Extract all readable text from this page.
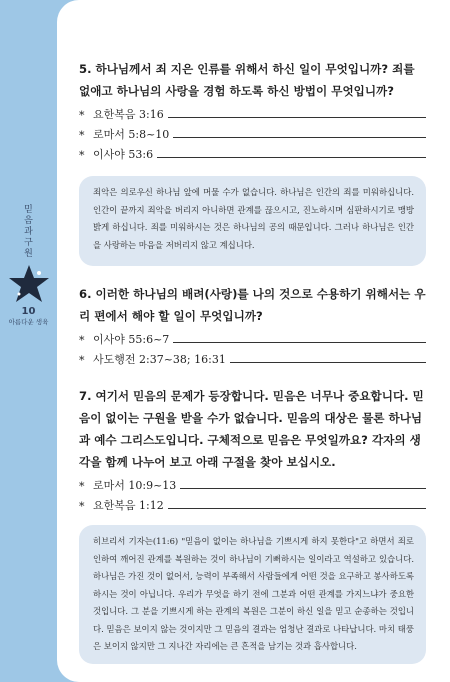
믿음과구원
10
아름다운 생육

5. 하나님께서 죄 지은 인류를 위해서 하신 일이 무엇입니까? 죄를 없애고 하나님의 사랑을 경험 하도록 하신 방법이 무엇입니까?

* 요한복음 3:16
* 로마서 5:8~10
* 이사야 53:6
죄악은 의로우신 하나님 앞에 머물 수가 없습니다. 하나님은 인간의 죄를 미워하십니다. 인간이 끝까지 죄악을 버리지 아니하면 관계를 끊으시고, 진노하시며 심판하시기로 맹방 밝게 하십니다. 죄를 미워하시는 것은 하나님의 공의 때문입니다. 그러나 하나님은 인간을 사랑하는 마음을 저버리지 않고 계십니다.

6. 이러한 하나님의 배려(사랑)를 나의 것으로 수용하기 위해서는 우리 편에서 해야 할 일이 무엇입니까?

* 이사야 55:6~7
* 사도행전 2:37~38; 16:31

7. 여기서 믿음의 문제가 등장합니다. 믿음은 너무나 중요합니다. 믿음이 없이는 구원을 받을 수가 없습니다. 믿음의 대상은 물론 하나님과 예수 그리스도입니다. 구체적으로 믿음은 무엇일까요? 각자의 생각을 함께 나누어 보고 아래 구절을 찾아 보십시오.

* 로마서 10:9~13
* 요한복음 1:12
히브리서 기자는(11:6) "믿음이 없이는 하나님을 기쁘시게 하지 못한다"고 하면서 죄로 인하여 깨어진 관계를 복원하는 것이 하나님이 기뻐하시는 일이라고 역설하고 있습니다. 하나님은 가진 것이 없어서, 능력이 부족해서 사람들에게 어떤 것을 요구하고 봉사하도록 하시는 것이 아닙니다. 우리가 무엇을 하기 전에 그분과 어떤 관계를 가지느냐가 중요한 것입니다. 그 분을 기쁘시게 하는 관계의 복원은 그분이 하신 일을 믿고 순종하는 것입니다. 믿음은 보이지 않는 것이지만 그 믿음의 결과는 엄청난 결과로 나타납니다. 마치 태풍은 보이지 않지만 그 지나간 자리에는 큰 흔적을 남기는 것과 흡사합니다.
